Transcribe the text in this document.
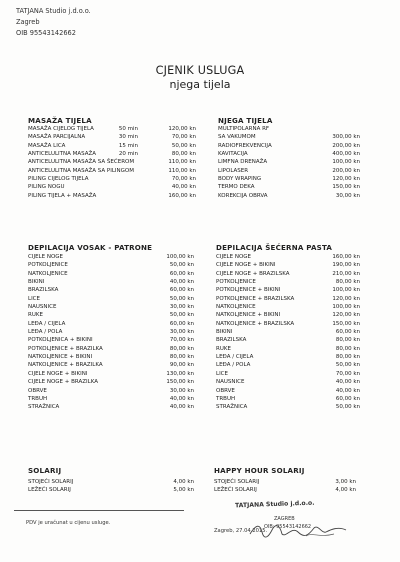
TATJANA Studio j.d.o.o.
Zagreb
OIB 95543142662
CJENIK USLUGA
njega tijela
MASAŽA TIJELA
MASAŽA CIJELOG TIJELA	50 min	120,00 kn
MASAŽA PARCIJALNA	30 min	70,00 kn
MASAŽA LICA	15 min	50,00 kn
ANTICELULITNA MASAŽA	20 min	80,00 kn
ANTICELULITNA MASAŽA SA ŠEĆEROM	110,00 kn
ANTICELULITNA MASAŽA SA PILINGOM	110,00 kn
PILING CIJELOG TIJELA	70,00 kn
PILING NOGU	40,00 kn
PILING TIJELA + MASAŽA	160,00 kn
NJEGA TIJELA
MULTIPOLARNA RF
SA VAKUMOM	300,00 kn
RADIOFREKVENCIJA	200,00 kn
KAVITACIJA	400,00 kn
LIMFNA DRENAŽA	100,00 kn
LIPOLASER	200,00 kn
BODY WRAPING	120,00 kn
TERMO DEKA	150,00 kn
KOREKCIJA OBRVA	30,00 kn
DEPILACIJA VOSAK - PATRONE
CIJELE NOGE	100,00 kn
POTKOLJENICE	50,00 kn
NATKOLJENICE	60,00 kn
BIKINI	40,00 kn
BRAZILSKA	60,00 kn
LICE	50,00 kn
NAUSNICE	30,00 kn
RUKE	50,00 kn
LEĐA / CIJELA	60,00 kn
LEĐA / POLA	30,00 kn
POTKOLJENICA + BIKINI	70,00 kn
POTKOLJENICE + BRAZILKA	80,00 kn
NATKOLJENICE + BIKINI	80,00 kn
NATKOLJENICE + BRAZILKA	90,00 kn
CIJELE NOGE + BIKINI	130,00 kn
CIJELE NOGE + BRAZILKA	150,00 kn
OBRVE	30,00 kn
TRBUH	40,00 kn
STRAŽNICA	40,00 kn
DEPILACIJA ŠEĆERNA PASTA
CIJELE NOGE	160,00 kn
CIJELE NOGE + BIKINI	190,00 kn
CIJELE NOGE + BRAZILSKA	210,00 kn
POTKOLJENICE	80,00 kn
POTKOLJENICE + BIKINI	100,00 kn
POTKOLJENICE + BRAZILSKA	120,00 kn
NATKOLJENICE	100,00 kn
NATKOLJENICE + BIKINI	120,00 kn
NATKOLJENICE + BRAZILSKA	150,00 kn
BIKINI	60,00 kn
BRAZILSKA	80,00 kn
RUKE	80,00 kn
LEĐA / CIJELA	80,00 kn
LEĐA / POLA	50,00 kn
LICE	70,00 kn
NAUSNICE	40,00 kn
OBRVE	40,00 kn
TRBUH	60,00 kn
STRAŽNICA	50,00 kn
SOLARIJ
STOJEĆI SOLARIJ	4,00 kn
LEŽEĆI SOLARIJ	5,00 kn
HAPPY HOUR SOLARIJ
STOJEĆI SOLARIJ	3,00 kn
LEŽEĆI SOLARIJ	4,00 kn
PDV je uračunat u cijenu usluge.
TATJANA Studio j.d.o.o.
ZAGREB
OIB: 95543142662
Zagreb, 27.04.2015.
